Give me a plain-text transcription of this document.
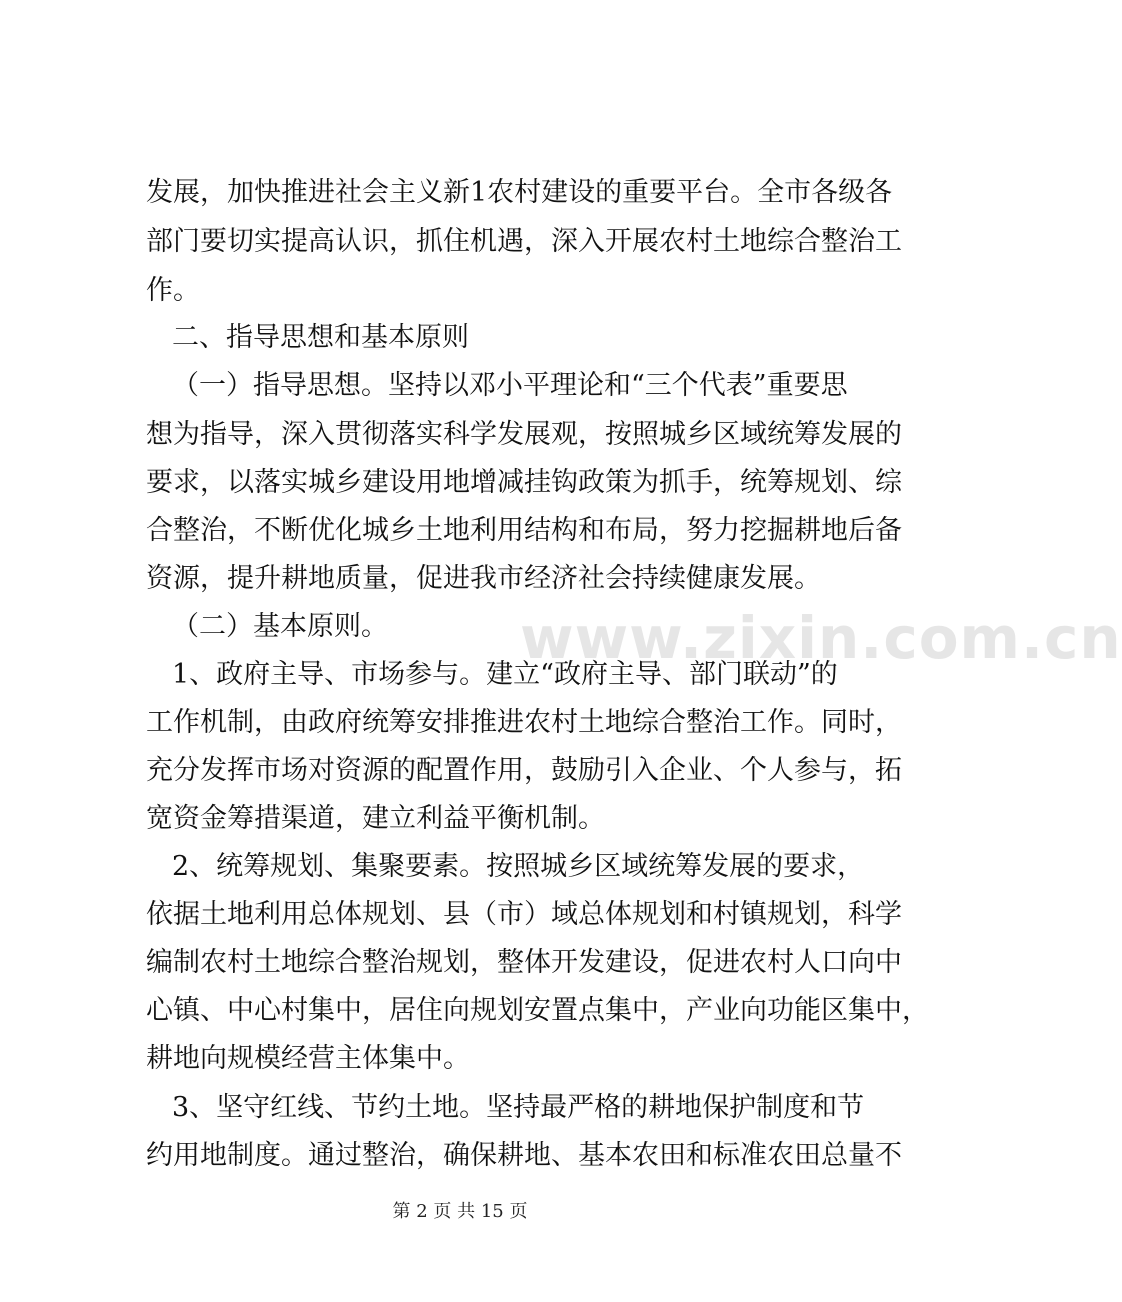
www.zixin.com.cn
发展，加快推进社会主义新1农村建设的重要平台。全市各级各
部门要切实提高认识，抓住机遇，深入开展农村土地综合整治工
作。
二、指导思想和基本原则
（一）指导思想。坚持以邓小平理论和“三个代表”重要思
想为指导，深入贯彻落实科学发展观，按照城乡区域统筹发展的
要求，以落实城乡建设用地增减挂钩政策为抓手，统筹规划、综
合整治，不断优化城乡土地利用结构和布局，努力挖掘耕地后备
资源，提升耕地质量，促进我市经济社会持续健康发展。
（二）基本原则。
1、政府主导、市场参与。建立“政府主导、部门联动”的
工作机制，由政府统筹安排推进农村土地综合整治工作。同时，
充分发挥市场对资源的配置作用，鼓励引入企业、个人参与，拓
宽资金筹措渠道，建立利益平衡机制。
2、统筹规划、集聚要素。按照城乡区域统筹发展的要求，
依据土地利用总体规划、县（市）域总体规划和村镇规划，科学
编制农村土地综合整治规划，整体开发建设，促进农村人口向中
心镇、中心村集中，居住向规划安置点集中，产业向功能区集中，
耕地向规模经营主体集中。
3、坚守红线、节约土地。坚持最严格的耕地保护制度和节
约用地制度。通过整治，确保耕地、基本农田和标准农田总量不
第 2 页 共 15 页
